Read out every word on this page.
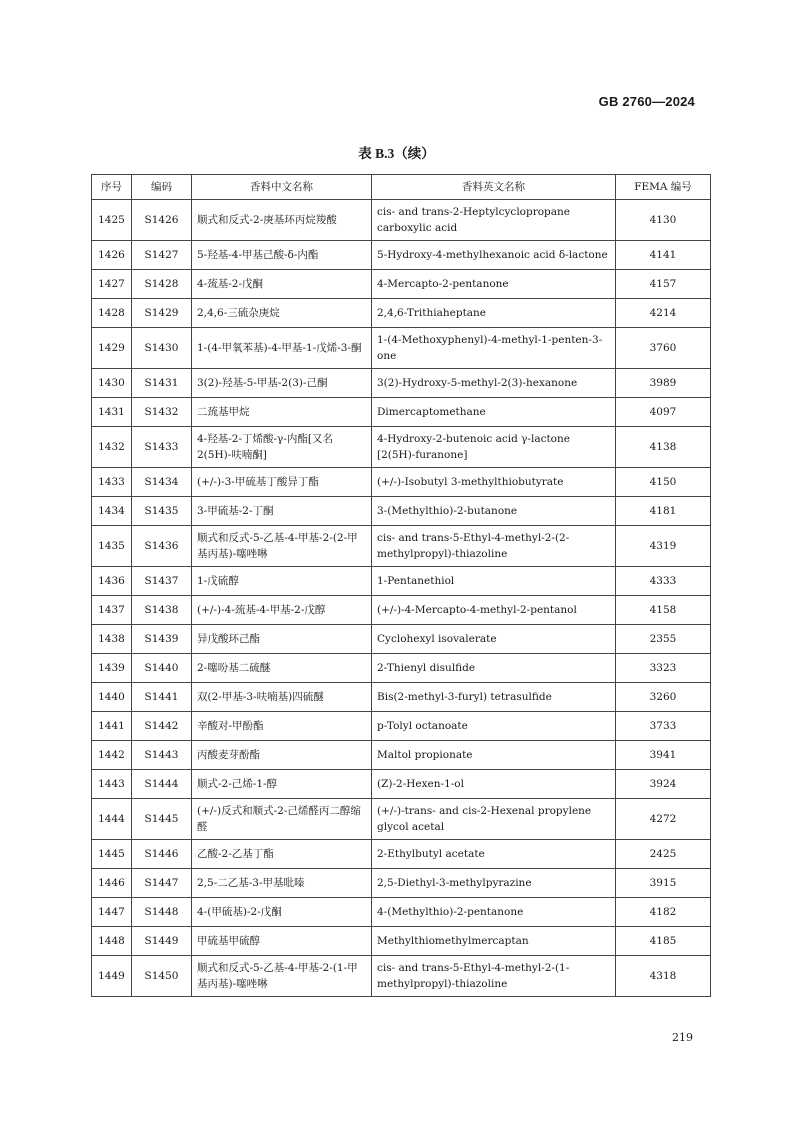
GB 2760—2024
表 B.3（续）
序号	编码	香料中文名称	香料英文名称	FEMA 编号
1425	S1426	顺式和反式-2-庚基环丙烷羧酸	cis- and trans-2-Heptylcyclopropane carboxylic acid	4130
1426	S1427	5-羟基-4-甲基己酸-δ-内酯	5-Hydroxy-4-methylhexanoic acid δ-lactone	4141
1427	S1428	4-巯基-2-戊酮	4-Mercapto-2-pentanone	4157
1428	S1429	2,4,6-三硫杂庚烷	2,4,6-Trithiaheptane	4214
1429	S1430	1-(4-甲氧苯基)-4-甲基-1-戊烯-3-酮	1-(4-Methoxyphenyl)-4-methyl-1-penten-3-one	3760
1430	S1431	3(2)-羟基-5-甲基-2(3)-己酮	3(2)-Hydroxy-5-methyl-2(3)-hexanone	3989
1431	S1432	二巯基甲烷	Dimercaptomethane	4097
1432	S1433	4-羟基-2-丁烯酸-γ-内酯[又名 2(5H)-呋喃酮]	4-Hydroxy-2-butenoic acid γ-lactone [2(5H)-furanone]	4138
1433	S1434	(+/-)-3-甲硫基丁酸异丁酯	(+/-)-Isobutyl 3-methylthiobutyrate	4150
1434	S1435	3-甲硫基-2-丁酮	3-(Methylthio)-2-butanone	4181
1435	S1436	顺式和反式-5-乙基-4-甲基-2-(2-甲基丙基)-噻唑啉	cis- and trans-5-Ethyl-4-methyl-2-(2-methylpropyl)-thiazoline	4319
1436	S1437	1-戊硫醇	1-Pentanethiol	4333
1437	S1438	(+/-)-4-巯基-4-甲基-2-戊醇	(+/-)-4-Mercapto-4-methyl-2-pentanol	4158
1438	S1439	异戊酸环己酯	Cyclohexyl isovalerate	2355
1439	S1440	2-噻吩基二硫醚	2-Thienyl disulfide	3323
1440	S1441	双(2-甲基-3-呋喃基)四硫醚	Bis(2-methyl-3-furyl) tetrasulfide	3260
1441	S1442	辛酸对-甲酚酯	p-Tolyl octanoate	3733
1442	S1443	丙酸麦芽酚酯	Maltol propionate	3941
1443	S1444	顺式-2-己烯-1-醇	(Z)-2-Hexen-1-ol	3924
1444	S1445	(+/-)反式和顺式-2-己烯醛丙二醇缩醛	(+/-)-trans- and cis-2-Hexenal propylene glycol acetal	4272
1445	S1446	乙酸-2-乙基丁酯	2-Ethylbutyl acetate	2425
1446	S1447	2,5-二乙基-3-甲基吡嗪	2,5-Diethyl-3-methylpyrazine	3915
1447	S1448	4-(甲硫基)-2-戊酮	4-(Methylthio)-2-pentanone	4182
1448	S1449	甲硫基甲硫醇	Methylthiomethylmercaptan	4185
1449	S1450	顺式和反式-5-乙基-4-甲基-2-(1-甲基丙基)-噻唑啉	cis- and trans-5-Ethyl-4-methyl-2-(1-methylpropyl)-thiazoline	4318
219
